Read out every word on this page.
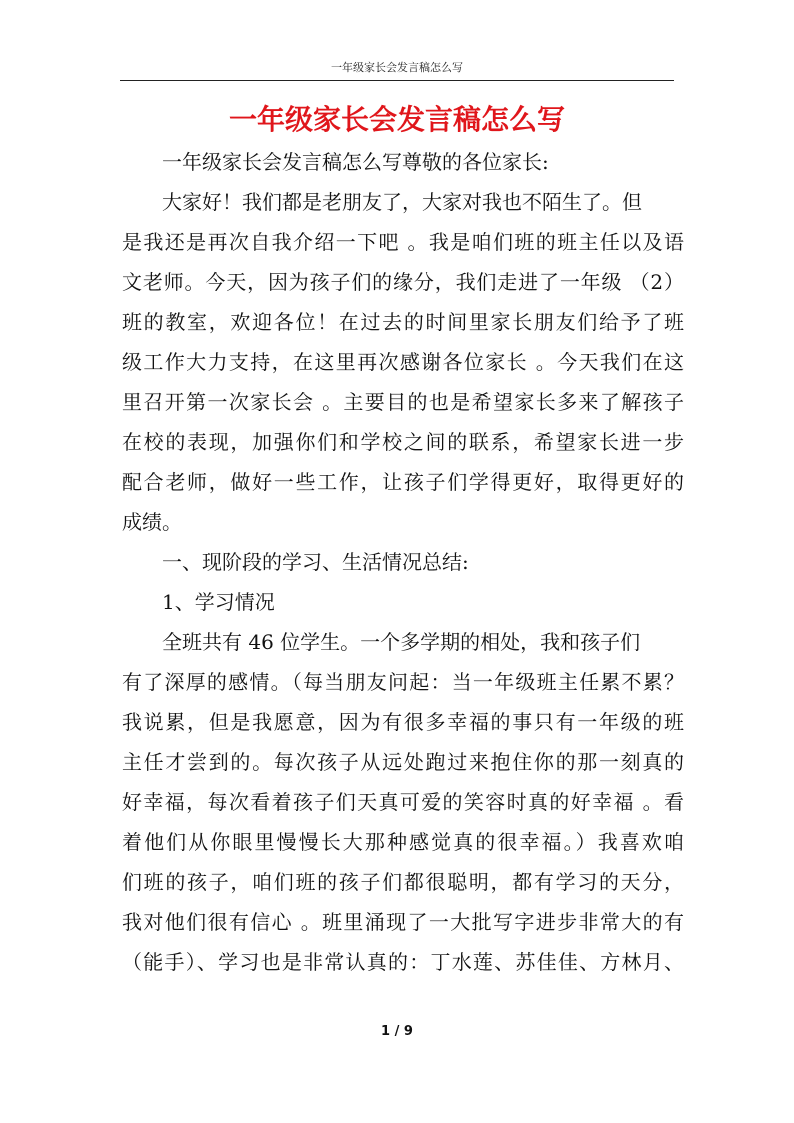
一年级家长会发言稿怎么写
一年级家长会发言稿怎么写
一年级家长会发言稿怎么写尊敬的各位家长:
大家好！我们都是老朋友了，大家对我也不陌生了。但
是我还是再次自我介绍一下吧 。我是咱们班的班主任以及语
文老师。今天，因为孩子们的缘分，我们走进了一年级 （2）
班的教室，欢迎各位！在过去的时间里家长朋友们给予了班
级工作大力支持，在这里再次感谢各位家长 。今天我们在这
里召开第一次家长会 。主要目的也是希望家长多来了解孩子
在校的表现，加强你们和学校之间的联系，希望家长进一步
配合老师，做好一些工作，让孩子们学得更好，取得更好的
成绩。
一、现阶段的学习、生活情况总结:
1、学习情况
全班共有 46 位学生。一个多学期的相处，我和孩子们
有了深厚的感情。（每当朋友问起：当一年级班主任累不累？
我说累，但是我愿意，因为有很多幸福的事只有一年级的班
主任才尝到的。每次孩子从远处跑过来抱住你的那一刻真的
好幸福，每次看着孩子们天真可爱的笑容时真的好幸福 。看
着他们从你眼里慢慢长大那种感觉真的很幸福。）我喜欢咱
们班的孩子，咱们班的孩子们都很聪明，都有学习的天分，
我对他们很有信心 。班里涌现了一大批写字进步非常大的有
（能手）、学习也是非常认真的：丁水莲、苏佳佳、方林月、
1 / 9
